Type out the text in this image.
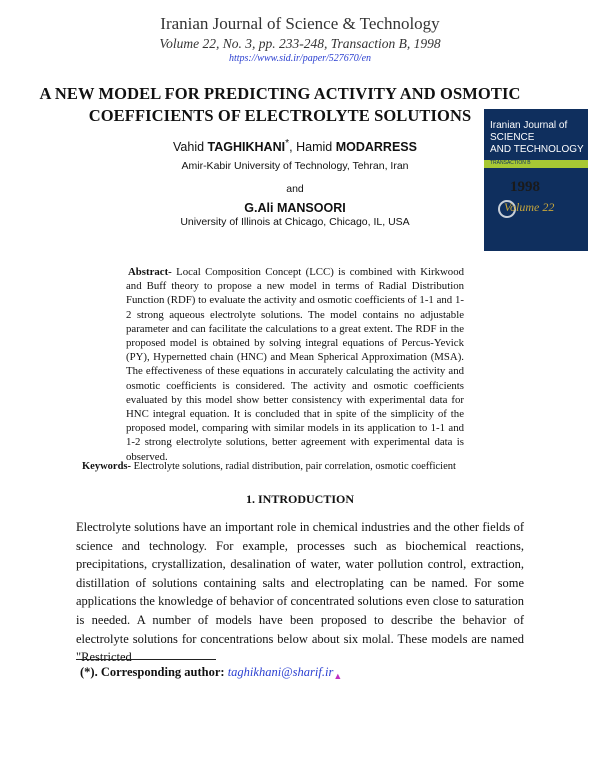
Iranian Journal of Science & Technology
Volume 22, No. 3, pp. 233-248, Transaction B, 1998
https://www.sid.ir/paper/527670/en
A NEW MODEL FOR PREDICTING ACTIVITY AND OSMOTIC COEFFICIENTS OF ELECTROLYTE SOLUTIONS
Vahid TAGHIKHANI*, Hamid MODARRESS
Amir-Kabir University of Technology, Tehran, Iran
and
G.Ali MANSOORI
University of Illinois at Chicago, Chicago, IL, USA
Iranian Journal of
SCIENCE
AND TECHNOLOGY
TRANSACTION B
1998
Volume 22
Abstract- Local Composition Concept (LCC) is combined with Kirkwood and Buff theory to propose a new model in terms of Radial Distribution Function (RDF) to evaluate the activity and osmotic coefficients of 1-1 and 1-2 strong aqueous electrolyte solutions. The model contains no adjustable parameter and can facilitate the calculations to a great extent. The RDF in the proposed model is obtained by solving integral equations of Percus-Yevick (PY), Hypernetted chain (HNC) and Mean Spherical Approximation (MSA). The effectiveness of these equations in accurately calculating the activity and osmotic coefficients is considered. The activity and osmotic coefficients evaluated by this model show better consistency with experimental data for HNC integral equation. It is concluded that in spite of the simplicity of the proposed model, comparing with similar models in its application to 1-1 and 1-2 strong electrolyte solutions, better agreement with experimental data is observed.
Keywords- Electrolyte solutions, radial distribution, pair correlation, osmotic coefficient
1. INTRODUCTION
Electrolyte solutions have an important role in chemical industries and the other fields of science and technology. For example, processes such as biochemical reactions, precipitations, crystallization, desalination of water, water pollution control, extraction, distillation of solutions containing salts and electroplating can be named. For some applications the knowledge of behavior of concentrated solutions even close to saturation is needed. A number of models have been proposed to describe the behavior of electrolyte solutions for concentrations below about six molal. These models are named "Restricted
(*). Corresponding author: $taghikhani@sharif.ir_▲$
